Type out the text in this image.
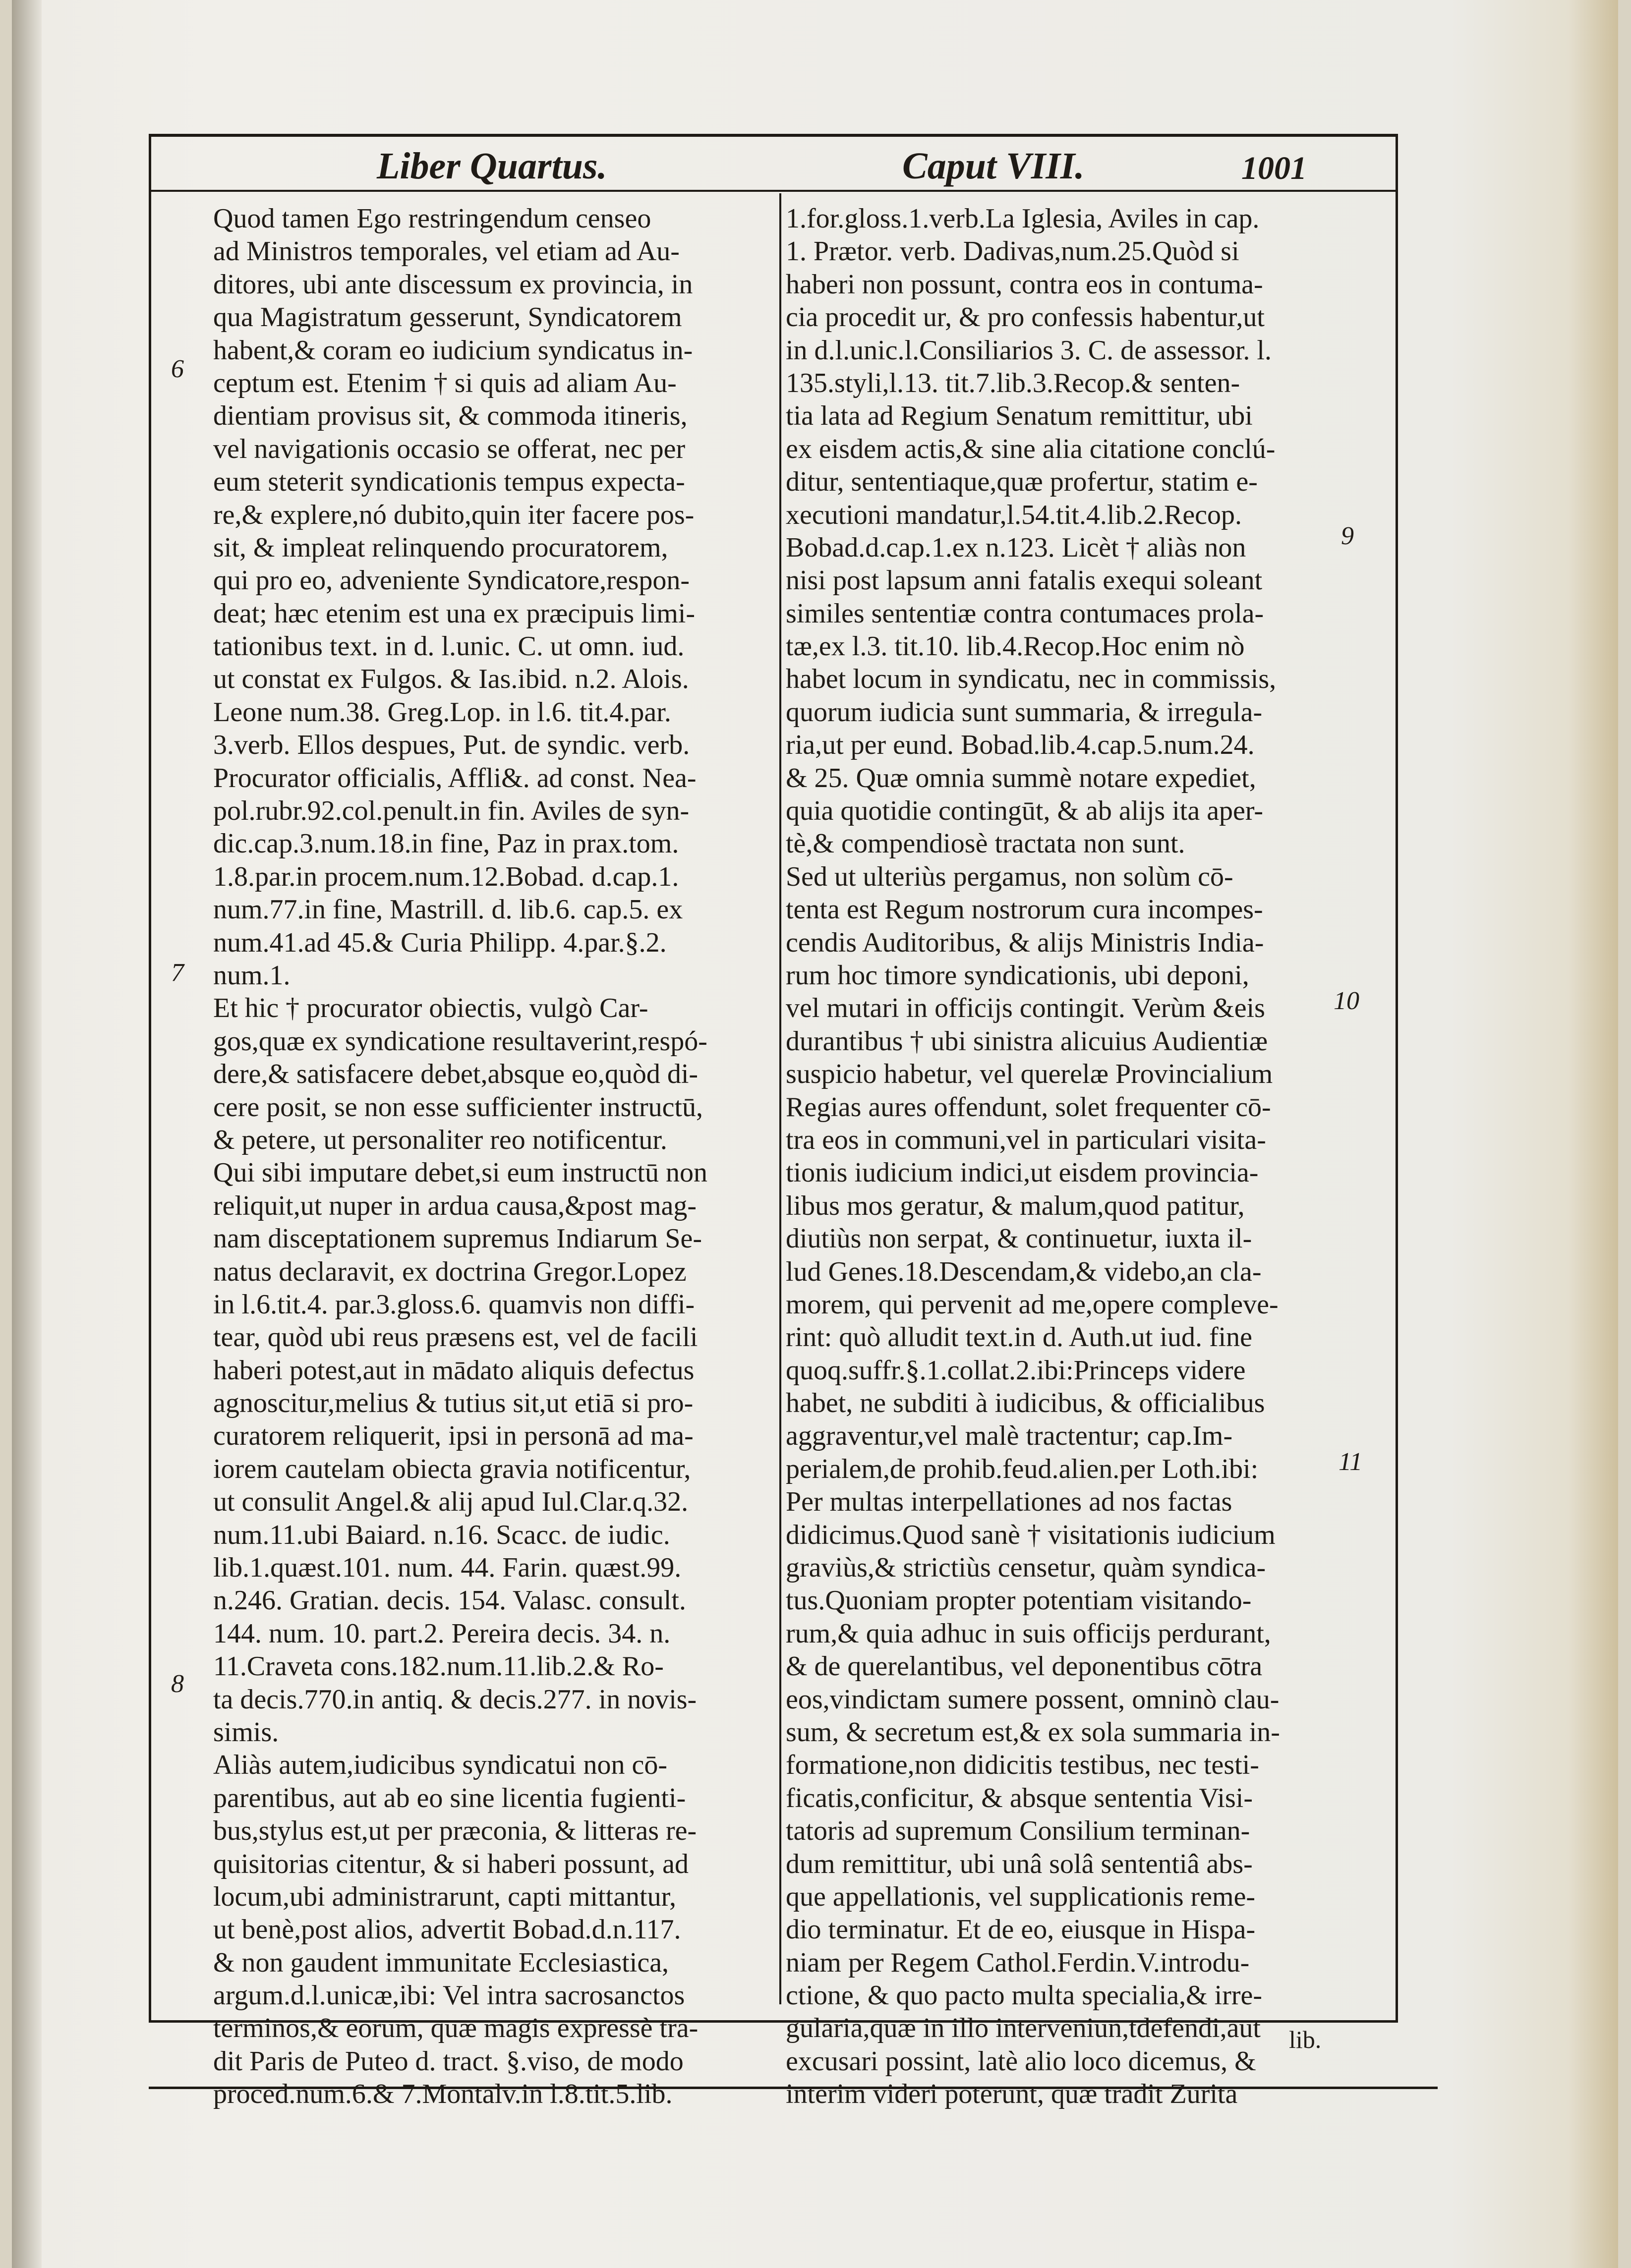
Liber Quartus.	Caput VIII.	1001
Quod tamen Ego restringendum censeo
ad Ministros temporales, vel etiam ad Au-
ditores, ubi ante discessum ex provincia, in
qua Magistratum gesserunt, Syndicatorem
habent,& coram eo iudicium syndicatus in-
ceptum est. Etenim † si quis ad aliam Au-
dientiam provisus sit, & commoda itineris,
vel navigationis occasio se offerat, nec per
eum steterit syndicationis tempus expecta-
re,& explere,nó dubito,quin iter facere pos-
sit, & impleat relinquendo procuratorem,
qui pro eo, adveniente Syndicatore,respon-
deat; hæc etenim est una ex præcipuis limi-
tationibus text. in d. l.unic. C. ut omn. iud.
ut constat ex Fulgos. & Ias.ibid. n.2. Alois.
Leone num.38. Greg.Lop. in l.6. tit.4.par.
3.verb. Ellos despues, Put. de syndic. verb.
Procurator officialis, Affli&. ad const. Nea-
pol.rubr.92.col.penult.in fin. Aviles de syn-
dic.cap.3.num.18.in fine, Paz in prax.tom.
1.8.par.in procem.num.12.Bobad. d.cap.1.
num.77.in fine, Mastrill. d. lib.6. cap.5. ex
num.41.ad 45.& Curia Philipp. 4.par.§.2.
num.1.
Et hic † procurator obiectis, vulgò Car-
gos,quæ ex syndicatione resultaverint,respó-
dere,& satisfacere debet,absque eo,quòd di-
cere posit, se non esse sufficienter instructū,
& petere, ut personaliter reo notificentur.
Qui sibi imputare debet,si eum instructū non
reliquit,ut nuper in ardua causa,&post mag-
nam disceptationem supremus Indiarum Se-
natus declaravit, ex doctrina Gregor.Lopez
in l.6.tit.4. par.3.gloss.6. quamvis non diffi-
tear, quòd ubi reus præsens est, vel de facili
haberi potest,aut in mādato aliquis defectus
agnoscitur,melius & tutius sit,ut etiā si pro-
curatorem reliquerit, ipsi in personā ad ma-
iorem cautelam obiecta gravia notificentur,
ut consulit Angel.& alij apud Iul.Clar.q.32.
num.11.ubi Baiard. n.16. Scacc. de iudic.
lib.1.quæst.101. num. 44. Farin. quæst.99.
n.246. Gratian. decis. 154. Valasc. consult.
144. num. 10. part.2. Pereira decis. 34. n.
11.Craveta cons.182.num.11.lib.2.& Ro-
ta decis.770.in antiq. & decis.277. in novis-
simis.
Aliàs autem,iudicibus syndicatui non cō-
parentibus, aut ab eo sine licentia fugienti-
bus,stylus est,ut per præconia, & litteras re-
quisitorias citentur, & si haberi possunt, ad
locum,ubi administrarunt, capti mittantur,
ut benè,post alios, advertit Bobad.d.n.117.
& non gaudent immunitate Ecclesiastica,
argum.d.l.unicæ,ibi: Vel intra sacrosanctos
terminos,& eorum, quæ magis expressè tra-
dit Paris de Puteo d. tract. §.viso, de modo
proced.num.6.& 7.Montalv.in l.8.tit.5.lib.
1.for.gloss.1.verb.La Iglesia, Aviles in cap.
1. Prætor. verb. Dadivas,num.25.Quòd si
haberi non possunt, contra eos in contuma-
cia procedit ur, & pro confessis habentur,ut
in d.l.unic.l.Consiliarios 3. C. de assessor. l.
135.styli,l.13. tit.7.lib.3.Recop.& senten-
tia lata ad Regium Senatum remittitur, ubi
ex eisdem actis,& sine alia citatione conclú-
ditur, sententiaque,quæ profertur, statim e-
xecutioni mandatur,l.54.tit.4.lib.2.Recop.
Bobad.d.cap.1.ex n.123. Licèt † aliàs non
nisi post lapsum anni fatalis exequi soleant
similes sententiæ contra contumaces prola-
tæ,ex l.3. tit.10. lib.4.Recop.Hoc enim nò
habet locum in syndicatu, nec in commissis,
quorum iudicia sunt summaria, & irregula-
ria,ut per eund. Bobad.lib.4.cap.5.num.24.
& 25. Quæ omnia summè notare expediet,
quia quotidie contingūt, & ab alijs ita aper-
tè,& compendiosè tractata non sunt.
Sed ut ulteriùs pergamus, non solùm cō-
tenta est Regum nostrorum cura incompes-
cendis Auditoribus, & alijs Ministris India-
rum hoc timore syndicationis, ubi deponi,
vel mutari in officijs contingit. Verùm &eis
durantibus † ubi sinistra alicuius Audientiæ
suspicio habetur, vel querelæ Provincialium
Regias aures offendunt, solet frequenter cō-
tra eos in communi,vel in particulari visita-
tionis iudicium indici,ut eisdem provincia-
libus mos geratur, & malum,quod patitur,
diutiùs non serpat, & continuetur, iuxta il-
lud Genes.18.Descendam,& videbo,an cla-
morem, qui pervenit ad me,opere compleve-
rint: quò alludit text.in d. Auth.ut iud. fine
quoq.suffr.§.1.collat.2.ibi:Princeps videre
habet, ne subditi à iudicibus, & officialibus
aggraventur,vel malè tractentur; cap.Im-
perialem,de prohib.feud.alien.per Loth.ibi:
Per multas interpellationes ad nos factas
didicimus.Quod sanè † visitationis iudicium
graviùs,& strictiùs censetur, quàm syndica-
tus.Quoniam propter potentiam visitando-
rum,& quia adhuc in suis officijs perdurant,
& de querelantibus, vel deponentibus cōtra
eos,vindictam sumere possent, omninò clau-
sum, & secretum est,& ex sola summaria in-
formatione,non didicitis testibus, nec testi-
ficatis,conficitur, & absque sententia Visi-
tatoris ad supremum Consilium terminan-
dum remittitur, ubi unâ solâ sententiâ abs-
que appellationis, vel supplicationis reme-
dio terminatur. Et de eo, eiusque in Hispa-
niam per Regem Cathol.Ferdin.V.introdu-
ctione, & quo pacto multa specialia,& irre-
gularia,quæ in illo interveniun,tdefendi,aut
excusari possint, latè alio loco dicemus, &
interim videri poterunt, quæ tradit Zurita
6
7
8
9
10
11
lib.
